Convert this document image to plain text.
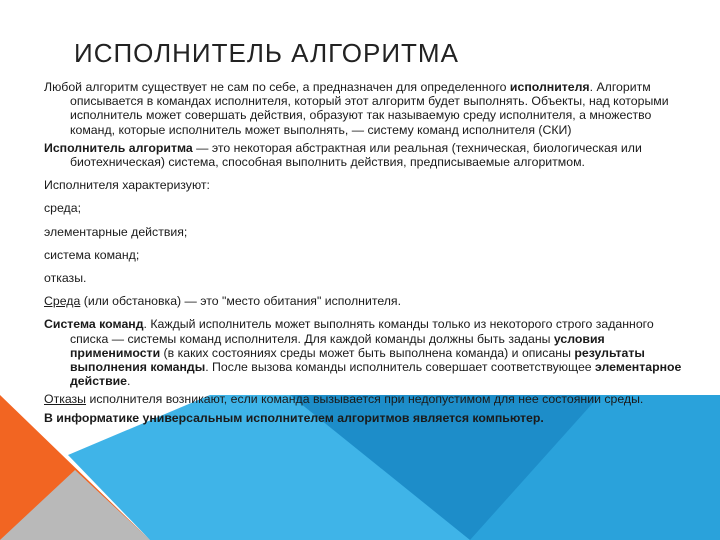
ИСПОЛНИТЕЛЬ АЛГОРИТМА

Любой алгоритм существует не сам по себе, а предназначен для определенного исполнителя. Алгоритм описывается в командах исполнителя, который этот алгоритм будет выполнять. Объекты, над которыми исполнитель может совершать действия, образуют так называемую среду исполнителя, а множество команд, которые исполнитель может выполнять, — систему команд исполнителя (СКИ)

Исполнитель алгоритма — это некоторая абстрактная или реальная (техническая, биологическая или биотехническая) система, способная выполнить действия, предписываемые алгоритмом.

Исполнителя характеризуют:

среда;

элементарные действия;

система команд;

отказы.

Среда (или обстановка) — это "место обитания" исполнителя.

Система команд. Каждый исполнитель может выполнять команды только из некоторого строго заданного списка — системы команд исполнителя. Для каждой команды должны быть заданы условия применимости (в каких состояниях среды может быть выполнена команда) и описаны результаты выполнения команды. После вызова команды исполнитель совершает соответствующее элементарное действие.

Отказы исполнителя возникают, если команда вызывается при недопустимом для нее состоянии среды.

В информатике универсальным исполнителем алгоритмов является компьютер.
